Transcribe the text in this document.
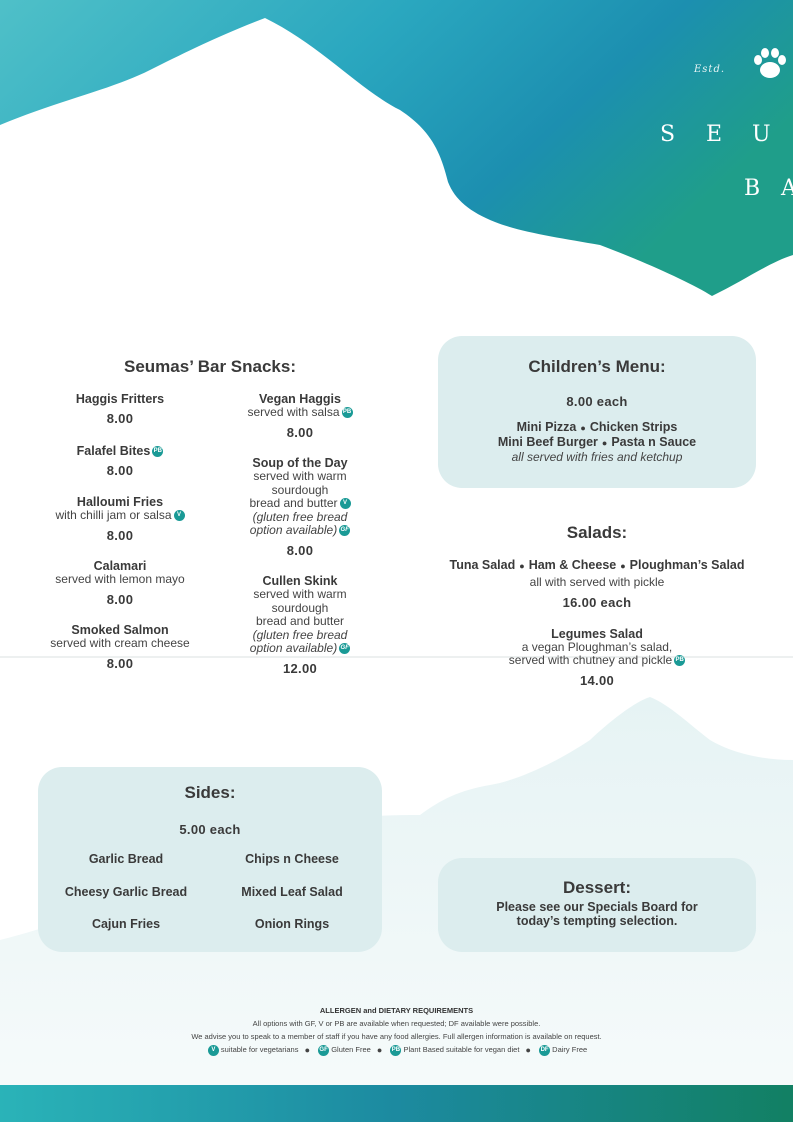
Estd.
S E U
B A
Seumas’ Bar Snacks:
Haggis Fritters
8.00
Falafel Bites PB
8.00
Halloumi Fries
with chilli jam or salsa V
8.00
Calamari
served with lemon mayo
8.00
Smoked Salmon
served with cream cheese
8.00
Vegan Haggis
served with salsa PB
8.00
Soup of the Day
served with warm
sourdough
bread and butter V
(gluten free bread
option available) GF
8.00
Cullen Skink
served with warm
sourdough
bread and butter
(gluten free bread
option available) GF
12.00
Children’s Menu:
8.00 each
Mini Pizza ● Chicken Strips
Mini Beef Burger ● Pasta n Sauce
all served with fries and ketchup
Salads:
Tuna Salad ● Ham & Cheese ● Ploughman’s Salad
all with served with pickle
16.00 each
Legumes Salad
a vegan Ploughman’s salad,
served with chutney and pickle PB
14.00
Sides:
5.00 each
Garlic Bread	Chips n Cheese
Cheesy Garlic Bread	Mixed Leaf Salad
Cajun Fries	Onion Rings
Dessert:
Please see our Specials Board for
today’s tempting selection.
ALLERGEN and DIETARY REQUIREMENTS
All options with GF, V or PB are available when requested; DF available were possible.
We advise you to speak to a member of staff if you have any food allergies. Full allergen information is available on request.
V suitable for vegetarians ● GF Gluten Free ● PB Plant Based suitable for vegan diet ● DF Dairy Free
